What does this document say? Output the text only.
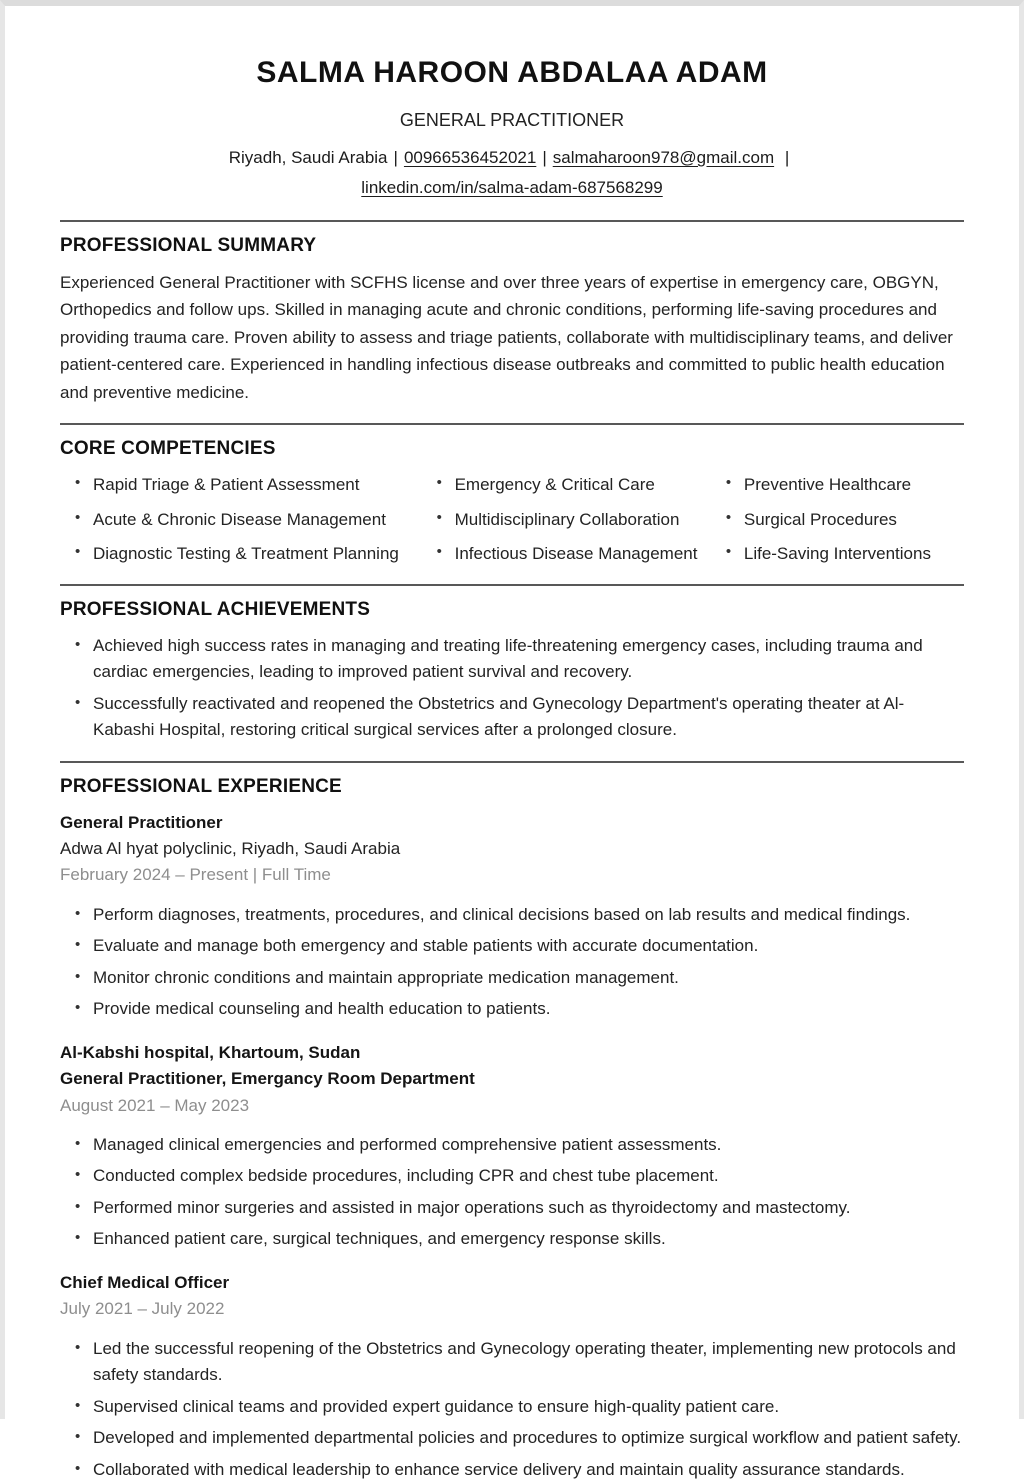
SALMA HAROON ABDALAA ADAM
GENERAL PRACTITIONER
Riyadh, Saudi Arabia | 00966536452021 | salmaharoon978@gmail.com |
linkedin.com/in/salma-adam-687568299
PROFESSIONAL SUMMARY

Experienced General Practitioner with SCFHS license and over three years of expertise in emergency care, OBGYN, Orthopedics and follow ups. Skilled in managing acute and chronic conditions, performing life-saving procedures and providing trauma care. Proven ability to assess and triage patients, collaborate with multidisciplinary teams, and deliver patient-centered care. Experienced in handling infectious disease outbreaks and committed to public health education and preventive medicine.

CORE COMPETENCIES
• Rapid Triage & Patient Assessment	• Emergency & Critical Care	• Preventive Healthcare
• Acute & Chronic Disease Management	• Multidisciplinary Collaboration	• Surgical Procedures
• Diagnostic Testing & Treatment Planning	• Infectious Disease Management	• Life-Saving Interventions
PROFESSIONAL ACHIEVEMENTS
• Achieved high success rates in managing and treating life-threatening emergency cases, including trauma and cardiac emergencies, leading to improved patient survival and recovery.
• Successfully reactivated and reopened the Obstetrics and Gynecology Department's operating theater at Al-Kabashi Hospital, restoring critical surgical services after a prolonged closure.
PROFESSIONAL EXPERIENCE
General Practitioner
Adwa Al hyat polyclinic, Riyadh, Saudi Arabia
February 2024 – Present | Full Time
• Perform diagnoses, treatments, procedures, and clinical decisions based on lab results and medical findings.
• Evaluate and manage both emergency and stable patients with accurate documentation.
• Monitor chronic conditions and maintain appropriate medication management.
• Provide medical counseling and health education to patients.
Al-Kabshi hospital, Khartoum, Sudan
General Practitioner, Emergancy Room Department
August 2021 – May 2023
• Managed clinical emergencies and performed comprehensive patient assessments.
• Conducted complex bedside procedures, including CPR and chest tube placement.
• Performed minor surgeries and assisted in major operations such as thyroidectomy and mastectomy.
• Enhanced patient care, surgical techniques, and emergency response skills.
Chief Medical Officer
July 2021 – July 2022
• Led the successful reopening of the Obstetrics and Gynecology operating theater, implementing new protocols and safety standards.
• Supervised clinical teams and provided expert guidance to ensure high-quality patient care.
• Developed and implemented departmental policies and procedures to optimize surgical workflow and patient safety.
• Collaborated with medical leadership to enhance service delivery and maintain quality assurance standards.
